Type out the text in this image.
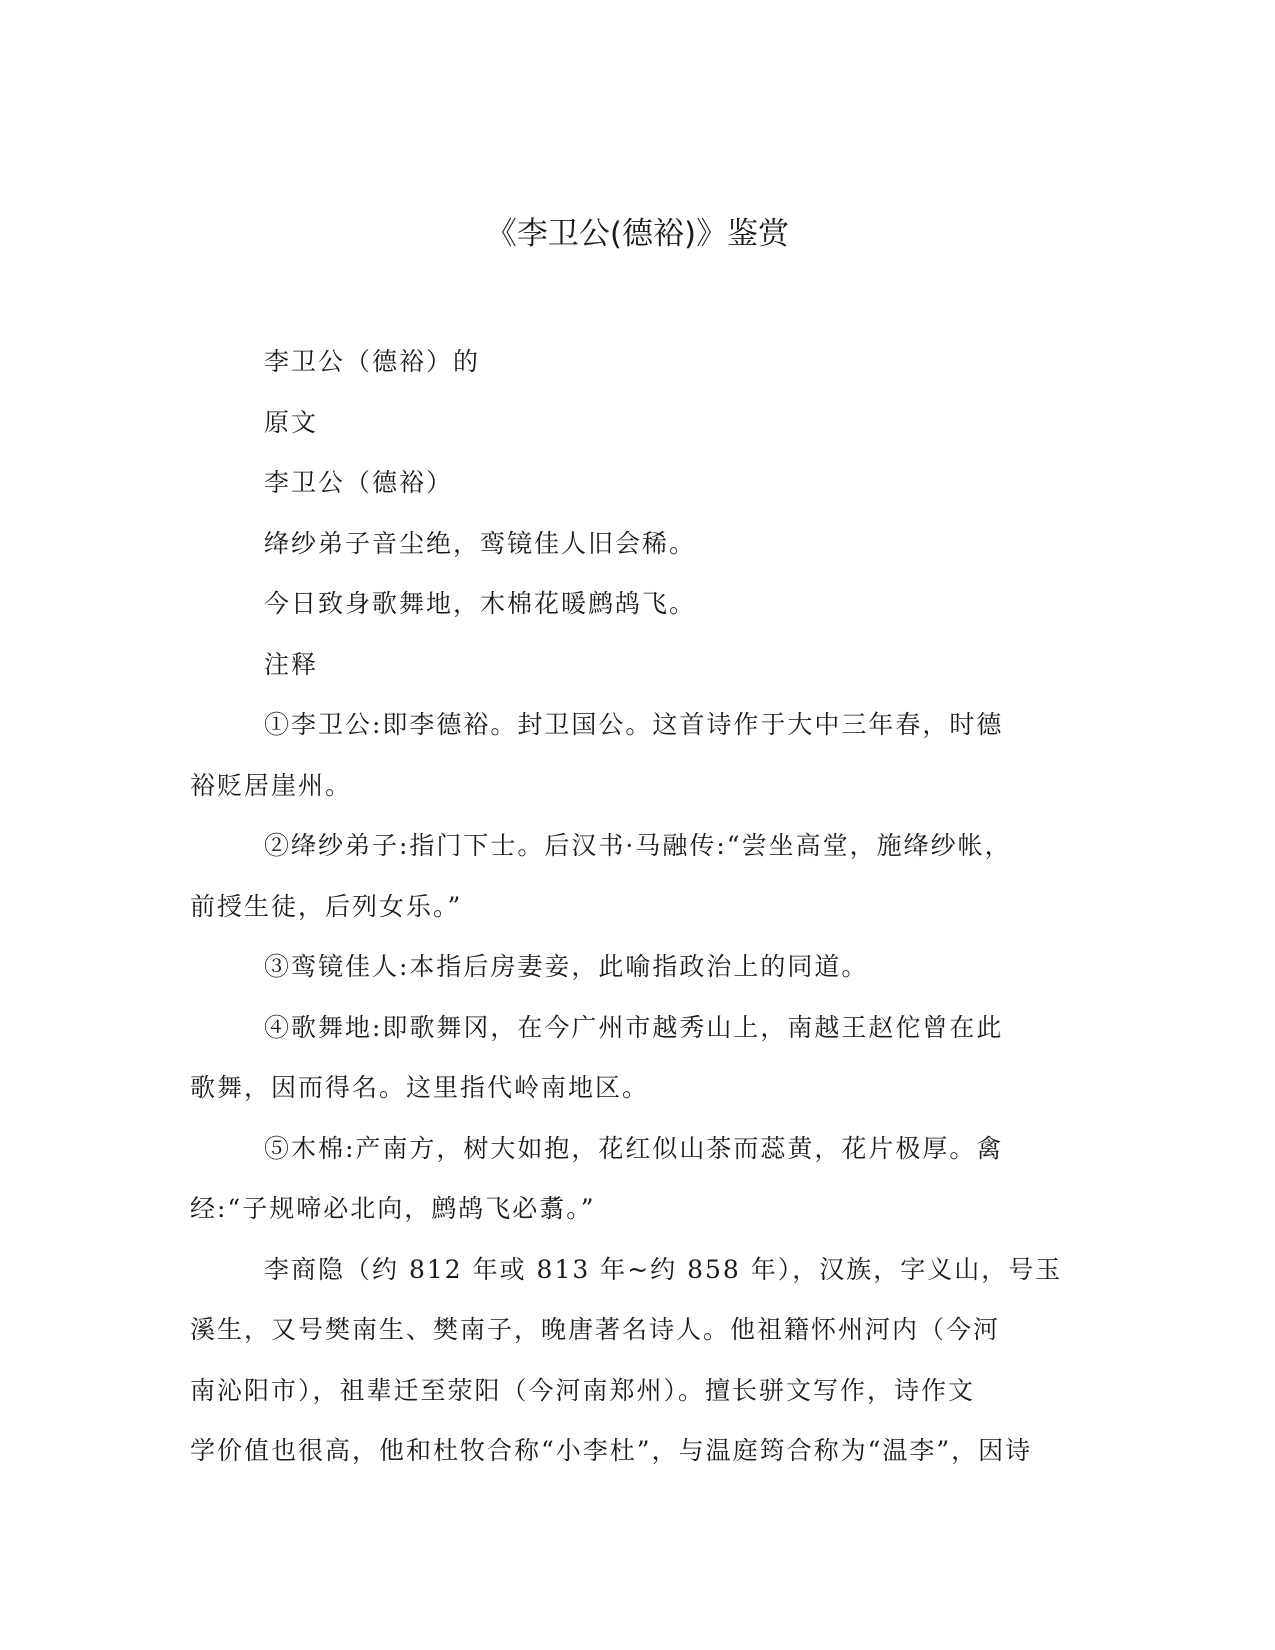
《李卫公(德裕)》鉴赏
李卫公（德裕）的
原文
李卫公（德裕）
绛纱弟子音尘绝，鸾镜佳人旧会稀。
今日致身歌舞地，木棉花暖鹧鸪飞。
注释
①李卫公:即李德裕。封卫国公。这首诗作于大中三年春，时德
裕贬居崖州。
②绛纱弟子:指门下士。后汉书·马融传:“尝坐高堂，施绛纱帐，
前授生徒，后列女乐。”
③鸾镜佳人:本指后房妻妾，此喻指政治上的同道。
④歌舞地:即歌舞冈，在今广州市越秀山上，南越王赵佗曾在此
歌舞，因而得名。这里指代岭南地区。
⑤木棉:产南方，树大如抱，花红似山茶而蕊黄，花片极厚。禽
经:“子规啼必北向，鹧鸪飞必翥。”
李商隐（约 812 年或 813 年~约 858 年），汉族，字义山，号玉
溪生，又号樊南生、樊南子，晚唐著名诗人。他祖籍怀州河内（今河
南沁阳市），祖辈迁至荥阳（今河南郑州）。擅长骈文写作，诗作文
学价值也很高，他和杜牧合称“小李杜”，与温庭筠合称为“温李”，因诗
